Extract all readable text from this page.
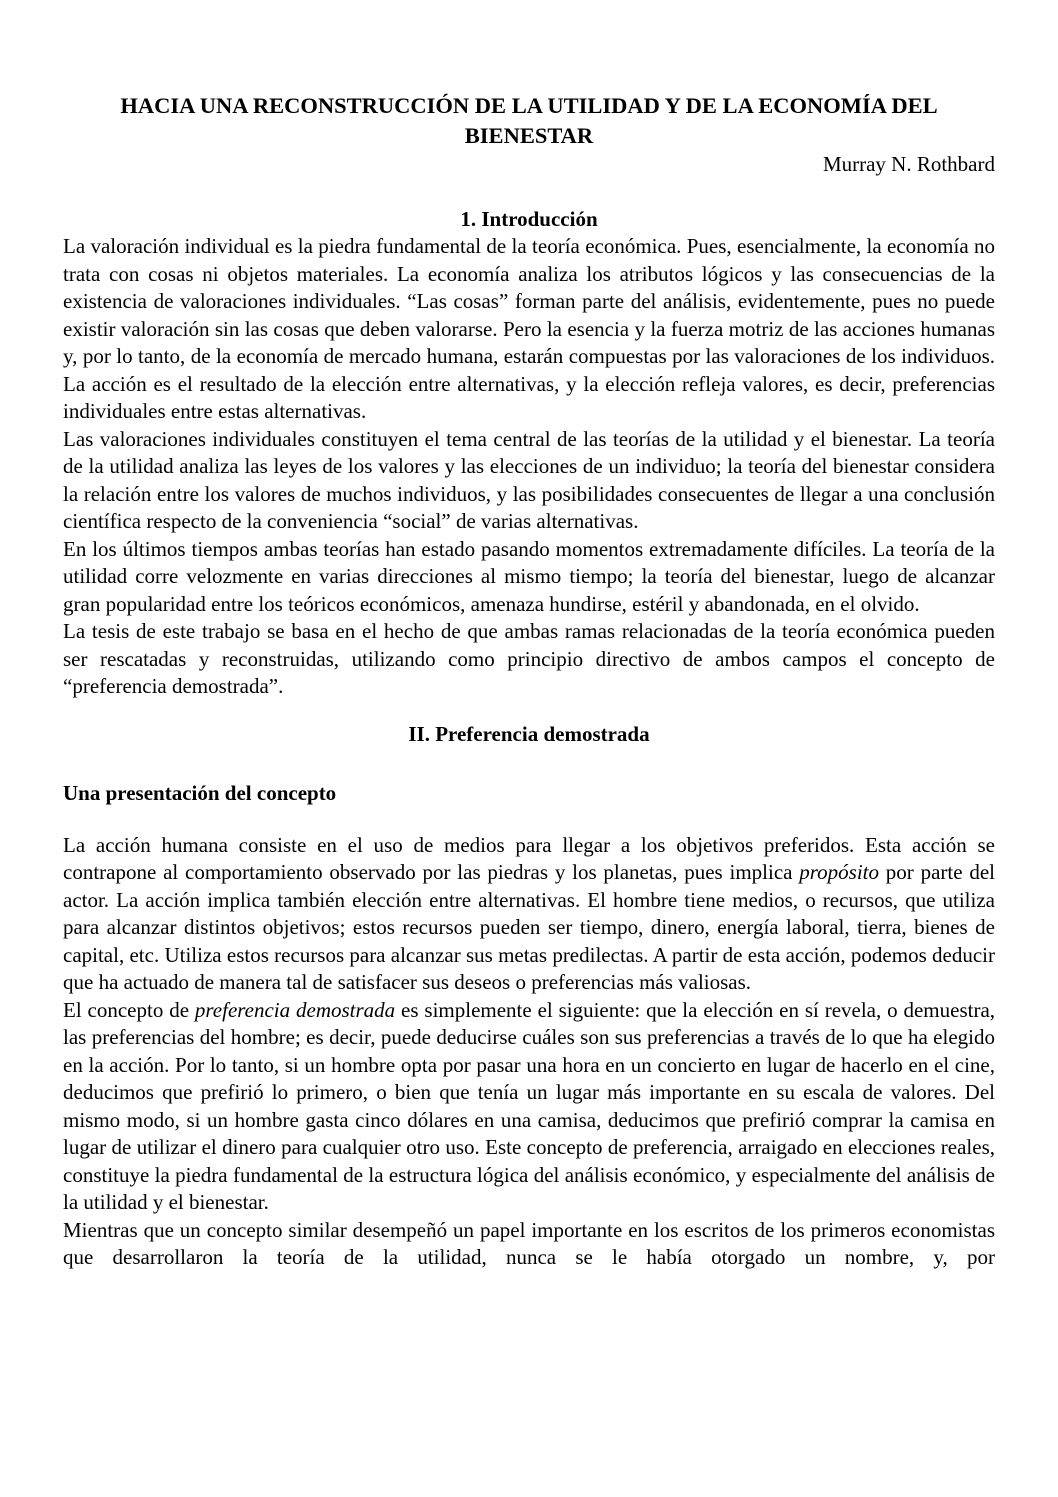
HACIA UNA RECONSTRUCCIÓN DE LA UTILIDAD Y DE LA ECONOMÍA DEL BIENESTAR
Murray N. Rothbard
1. Introducción

La valoración individual es la piedra fundamental de la teoría económica. Pues, esencialmente, la economía no trata con cosas ni objetos materiales. La economía analiza los atributos lógicos y las consecuencias de la existencia de valoraciones individuales. “Las cosas” forman parte del análisis, evidentemente, pues no puede existir valoración sin las cosas que deben valorarse. Pero la esencia y la fuerza motriz de las acciones humanas y, por lo tanto, de la economía de mercado humana, estarán compuestas por las valoraciones de los individuos. La acción es el resultado de la elección entre alternativas, y la elección refleja valores, es decir, preferencias individuales entre estas alternativas.

Las valoraciones individuales constituyen el tema central de las teorías de la utilidad y el bienestar. La teoría de la utilidad analiza las leyes de los valores y las elecciones de un individuo; la teoría del bienestar considera la relación entre los valores de muchos individuos, y las posibilidades consecuentes de llegar a una conclusión científica respecto de la conveniencia “social” de varias alternativas.

En los últimos tiempos ambas teorías han estado pasando momentos extremadamente difíciles. La teoría de la utilidad corre velozmente en varias direcciones al mismo tiempo; la teoría del bienestar, luego de alcanzar gran popularidad entre los teóricos económicos, amenaza hundirse, estéril y abandonada, en el olvido.

La tesis de este trabajo se basa en el hecho de que ambas ramas relacionadas de la teoría económica pueden ser rescatadas y reconstruidas, utilizando como principio directivo de ambos campos el concepto de “preferencia demostrada”.

II. Preferencia demostrada
Una presentación del concepto

La acción humana consiste en el uso de medios para llegar a los objetivos preferidos. Esta acción se contrapone al comportamiento observado por las piedras y los planetas, pues implica propósito por parte del actor. La acción implica también elección entre alternativas. El hombre tiene medios, o recursos, que utiliza para alcanzar distintos objetivos; estos recursos pueden ser tiempo, dinero, energía laboral, tierra, bienes de capital, etc. Utiliza estos recursos para alcanzar sus metas predilectas. A partir de esta acción, podemos deducir que ha actuado de manera tal de satisfacer sus deseos o preferencias más valiosas.

El concepto de preferencia demostrada es simplemente el siguiente: que la elección en sí revela, o demuestra, las preferencias del hombre; es decir, puede deducirse cuáles son sus preferencias a través de lo que ha elegido en la acción. Por lo tanto, si un hombre opta por pasar una hora en un concierto en lugar de hacerlo en el cine, deducimos que prefirió lo primero, o bien que tenía un lugar más importante en su escala de valores. Del mismo modo, si un hombre gasta cinco dólares en una camisa, deducimos que prefirió comprar la camisa en lugar de utilizar el dinero para cualquier otro uso. Este concepto de preferencia, arraigado en elecciones reales, constituye la piedra fundamental de la estructura lógica del análisis económico, y especialmente del análisis de la utilidad y el bienestar.

Mientras que un concepto similar desempeñó un papel importante en los escritos de los primeros economistas que desarrollaron la teoría de la utilidad, nunca se le había otorgado un nombre, y, por
